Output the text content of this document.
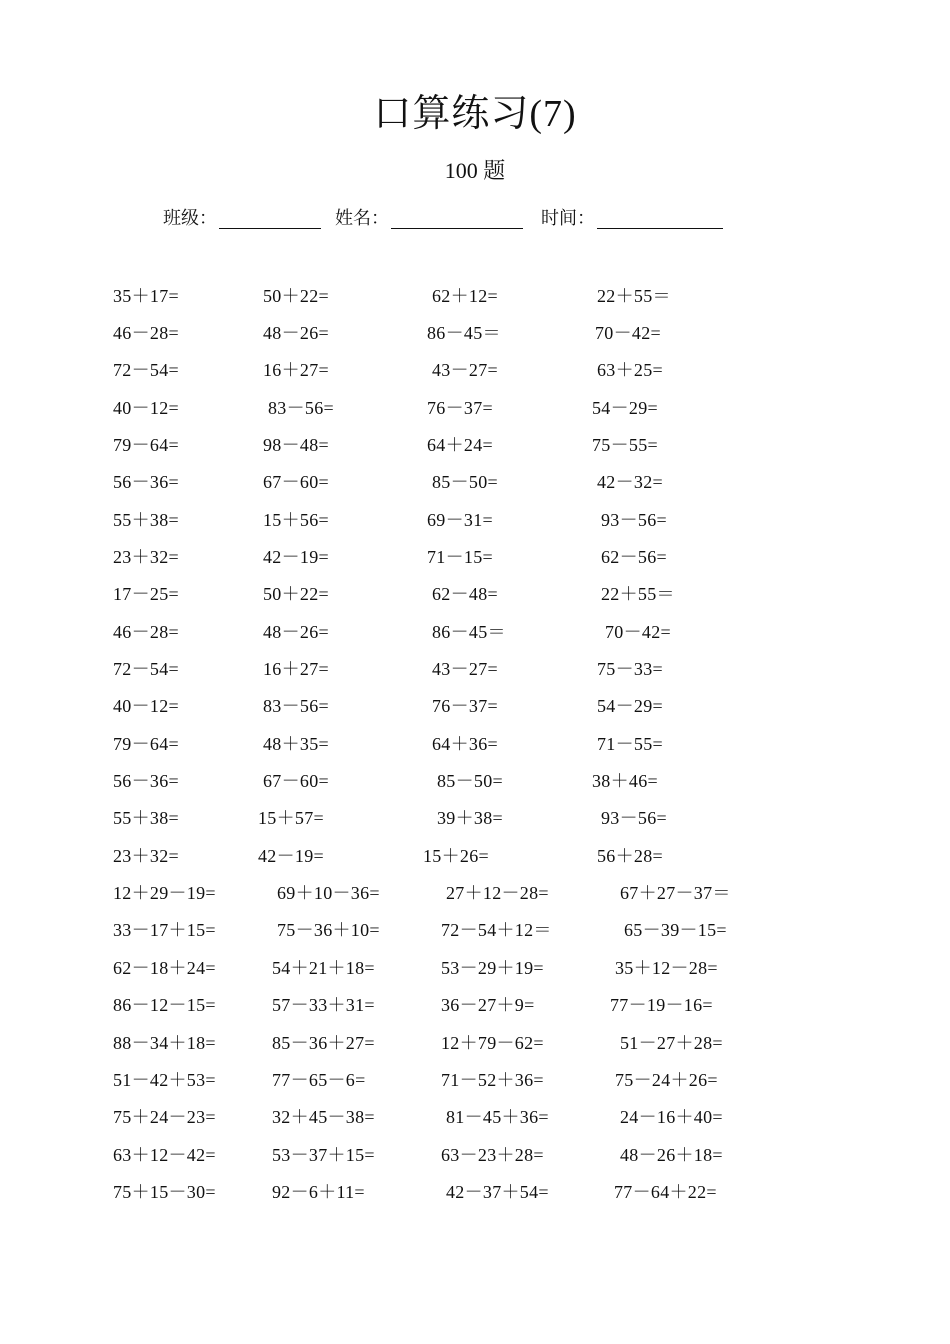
口算练习(7)
100 题
班级：	姓名：	时间：
35＋17=	50＋22=	62＋12=	22＋55＝
46－28=	48－26=	86－45＝	70－42=
72－54=	16＋27=	43－27=	63＋25=
40－12=	83－56=	76－37=	54－29=
79－64=	98－48=	64＋24=	75－55=
56－36=	67－60=	85－50=	42－32=
55＋38=	15＋56=	69－31=	93－56=
23＋32=	42－19=	71－15=	62－56=
17－25=	50＋22=	62－48=	22＋55＝
46－28=	48－26=	86－45＝	70－42=
72－54=	16＋27=	43－27=	75－33=
40－12=	83－56=	76－37=	54－29=
79－64=	48＋35=	64＋36=	71－55=
56－36=	67－60=	85－50=	38＋46=
55＋38=	15＋57=	39＋38=	93－56=
23＋32=	42－19=	15＋26=	56＋28=
12＋29－19=	69＋10－36=	27＋12－28=	67＋27－37＝
33－17＋15=	75－36＋10=	72－54＋12＝	65－39－15=
62－18＋24=	54＋21＋18=	53－29＋19=	35＋12－28=
86－12－15=	57－33＋31=	36－27＋9=	77－19－16=
88－34＋18=	85－36＋27=	12＋79－62=	51－27＋28=
51－42＋53=	77－65－6=	71－52＋36=	75－24＋26=
75＋24－23=	32＋45－38=	81－45＋36=	24－16＋40=
63＋12－42=	53－37＋15=	63－23＋28=	48－26＋18=
75＋15－30=	92－6＋11=	42－37＋54=	77－64＋22=
